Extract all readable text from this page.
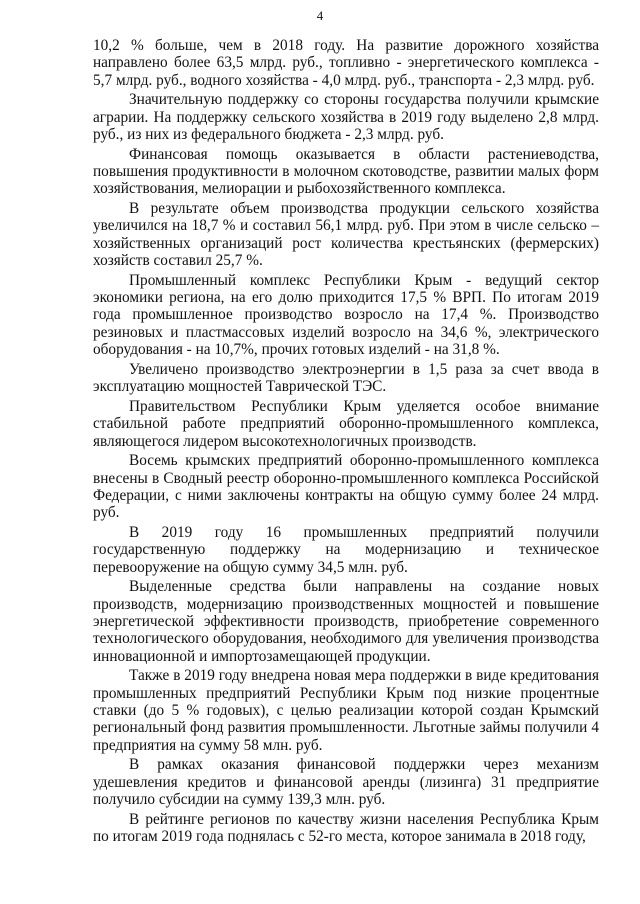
4

10,2 % больше, чем в 2018 году. На развитие дорожного хозяйства направлено более 63,5 млрд. руб., топливно - энергетического комплекса - 5,7 млрд. руб., водного хозяйства - 4,0 млрд. руб., транспорта - 2,3 млрд. руб.

Значительную поддержку со стороны государства получили крымские аграрии. На поддержку сельского хозяйства в 2019 году выделено 2,8 млрд. руб., из них из федерального бюджета - 2,3 млрд. руб.

Финансовая помощь оказывается в области растениеводства, повышения продуктивности в молочном скотоводстве, развитии малых форм хозяйствования, мелиорации и рыбохозяйственного комплекса.

В результате объем производства продукции сельского хозяйства увеличился на 18,7 % и составил 56,1 млрд. руб. При этом в числе сельско – хозяйственных организаций рост количества крестьянских (фермерских) хозяйств составил 25,7 %.

Промышленный комплекс Республики Крым - ведущий сектор экономики региона, на его долю приходится 17,5 % ВРП. По итогам 2019 года промышленное производство возросло на 17,4 %. Производство резиновых и пластмассовых изделий возросло на 34,6 %, электрического оборудования - на 10,7%, прочих готовых изделий - на 31,8 %.

Увеличено производство электроэнергии в 1,5 раза за счет ввода в эксплуатацию мощностей Таврической ТЭС.

Правительством Республики Крым уделяется особое внимание стабильной работе предприятий оборонно-промышленного комплекса, являющегося лидером высокотехнологичных производств.

Восемь крымских предприятий оборонно-промышленного комплекса внесены в Сводный реестр оборонно-промышленного комплекса Российской Федерации, с ними заключены контракты на общую сумму более 24 млрд. руб.

В 2019 году 16 промышленных предприятий получили государственную поддержку на модернизацию и техническое перевооружение на общую сумму 34,5 млн. руб.

Выделенные средства были направлены на создание новых производств, модернизацию производственных мощностей и повышение энергетической эффективности производств, приобретение современного технологического оборудования, необходимого для увеличения производства инновационной и импортозамещающей продукции.

Также в 2019 году внедрена новая мера поддержки в виде кредитования промышленных предприятий Республики Крым под низкие процентные ставки (до 5 % годовых), с целью реализации которой создан Крымский региональный фонд развития промышленности. Льготные займы получили 4 предприятия на сумму 58 млн. руб.

В рамках оказания финансовой поддержки через механизм удешевления кредитов и финансовой аренды (лизинга) 31 предприятие получило субсидии на сумму 139,3 млн. руб.

В рейтинге регионов по качеству жизни населения Республика Крым по итогам 2019 года поднялась с 52-го места, которое занимала в 2018 году,
